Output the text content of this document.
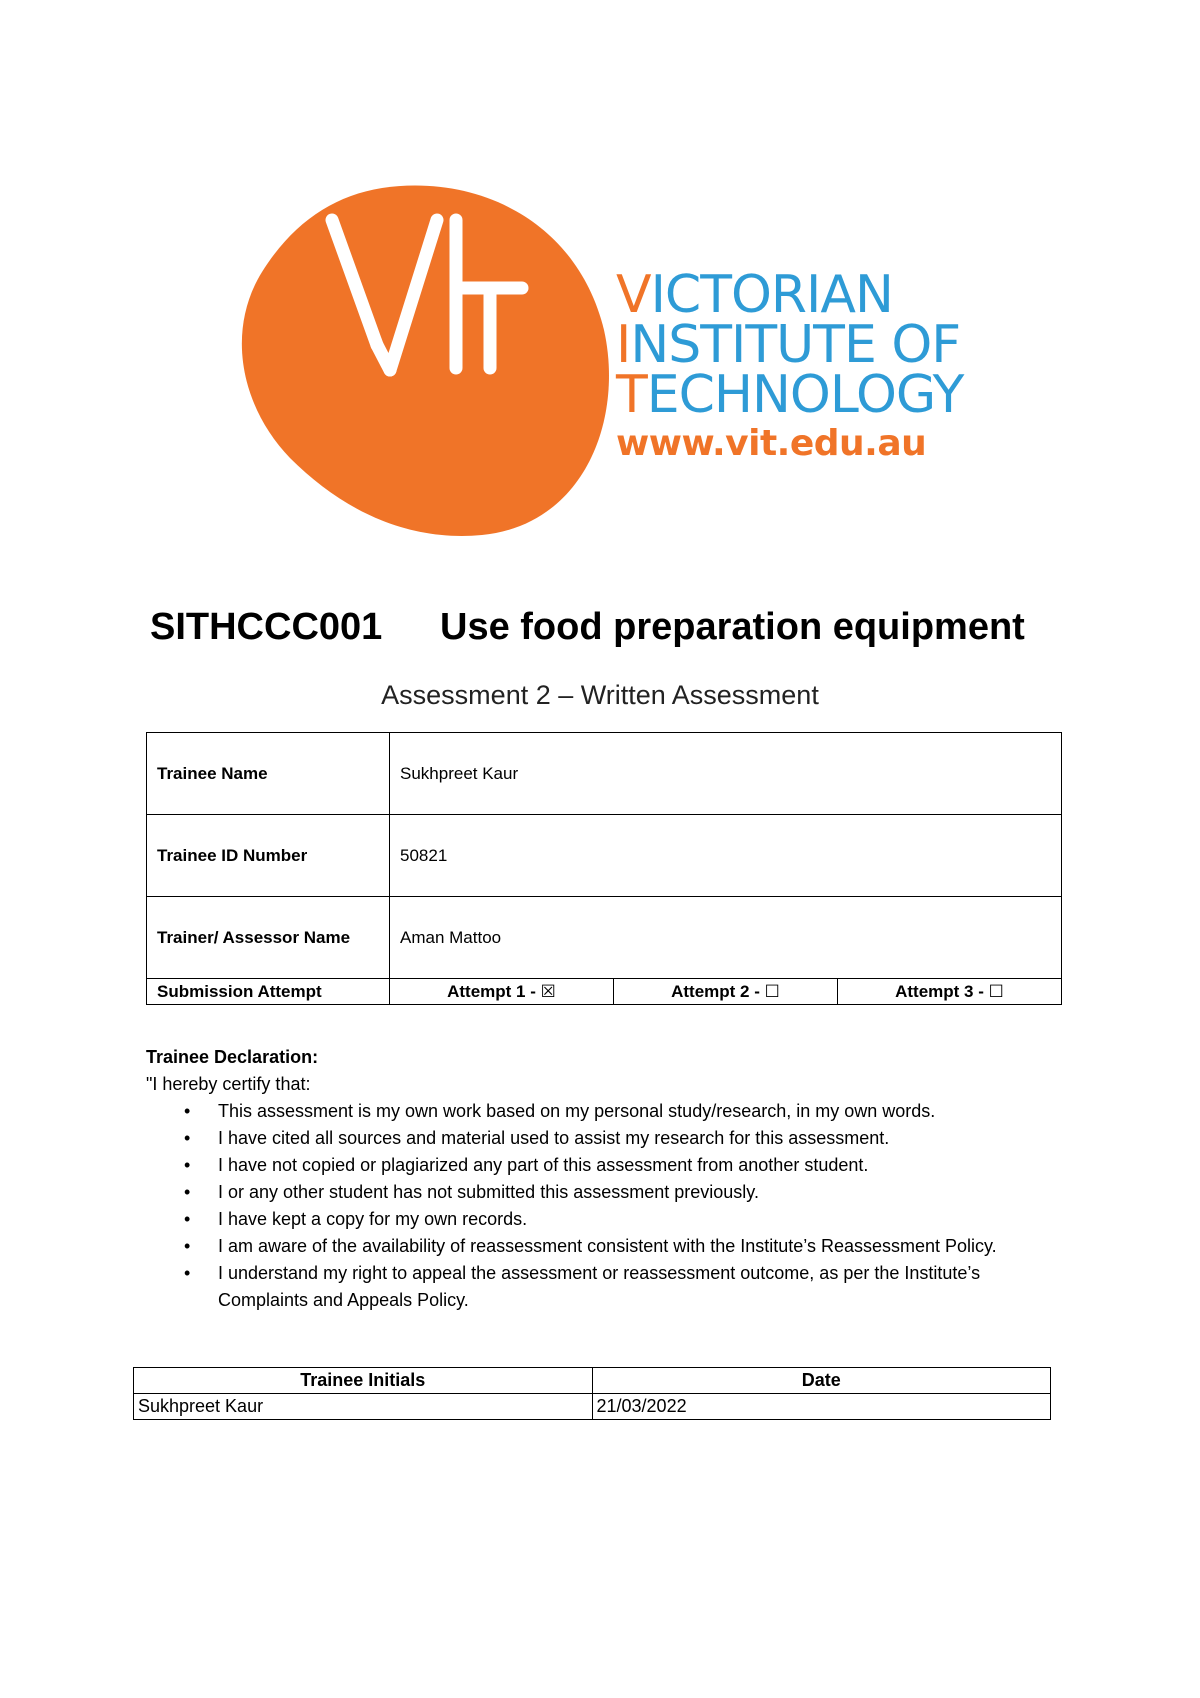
VICTORIAN
INSTITUTE OF
TECHNOLOGY
www.vit.edu.au
SITHCCC001 Use food preparation equipment
Assessment 2 – Written Assessment
Trainee Name	Sukhpreet Kaur		
Trainee ID Number	50821		
Trainer/ Assessor Name	Aman Mattoo		
Submission Attempt	Attempt 1 - ☒	Attempt 2 - ☐	Attempt 3 - ☐
Trainee Declaration:
"I hereby certify that:
• This assessment is my own work based on my personal study/research, in my own words.
• I have cited all sources and material used to assist my research for this assessment.
• I have not copied or plagiarized any part of this assessment from another student.
• I or any other student has not submitted this assessment previously.
• I have kept a copy for my own records.
• I am aware of the availability of reassessment consistent with the Institute’s Reassessment Policy.
• I understand my right to appeal the assessment or reassessment outcome, as per the Institute’s Complaints and Appeals Policy.
Trainee Initials	Date
Sukhpreet Kaur	21/03/2022
